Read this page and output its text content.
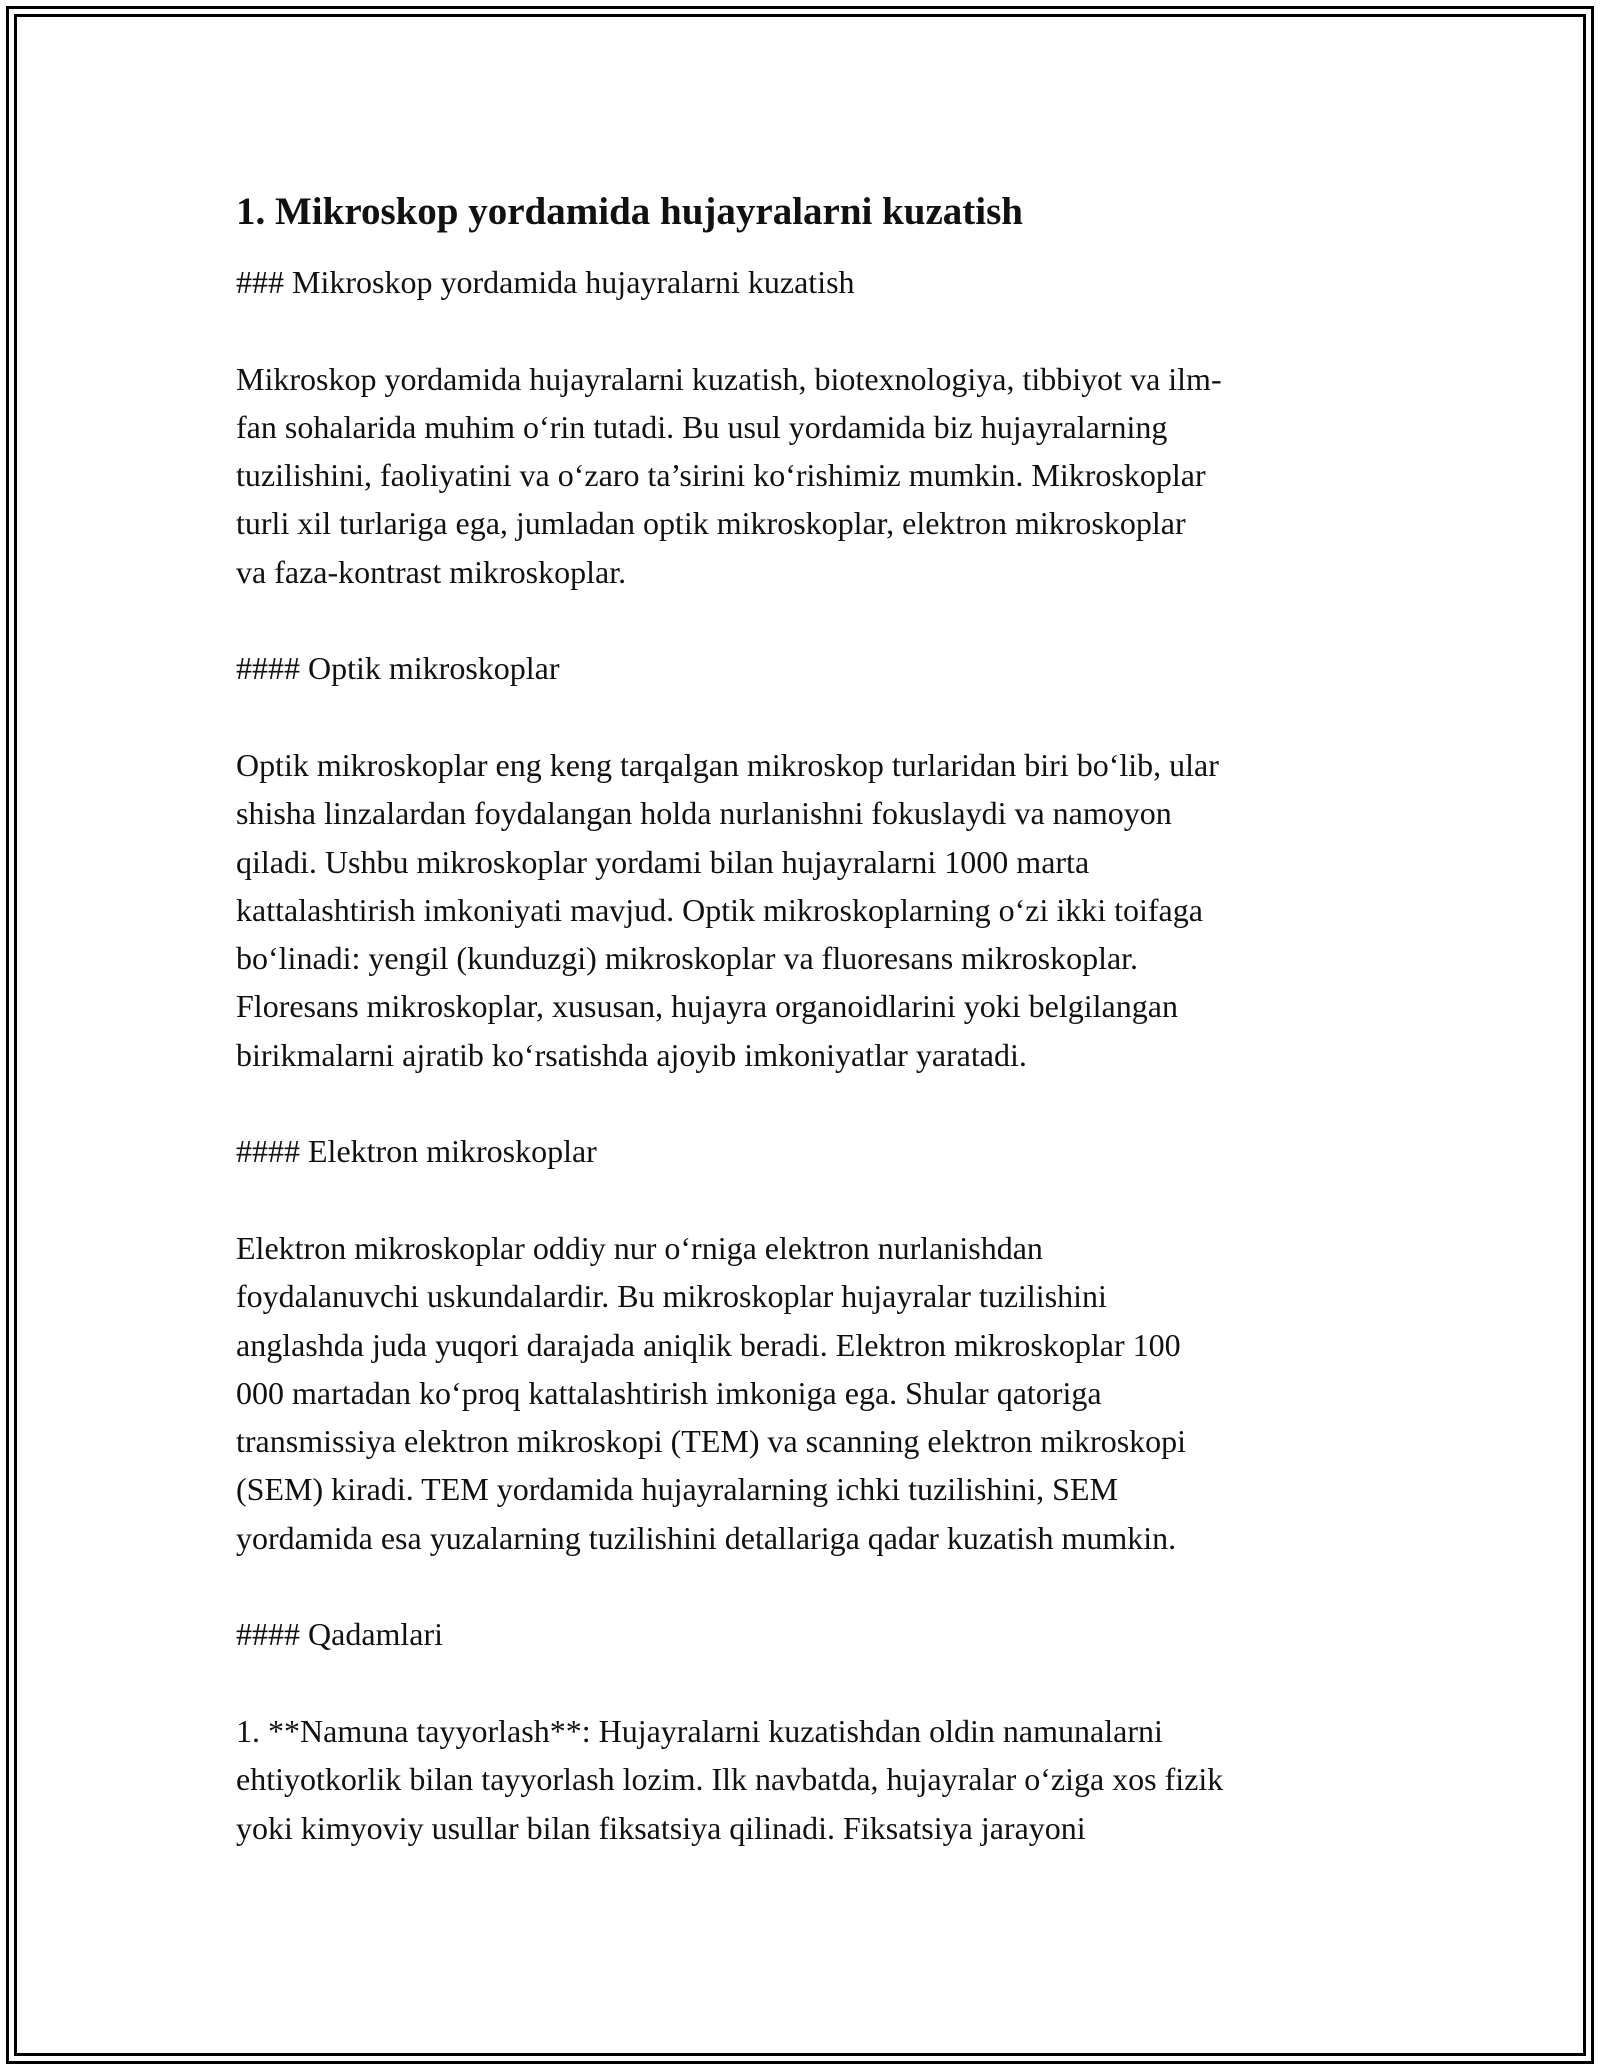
1. Mikroskop yordamida hujayralarni kuzatish
### Mikroskop yordamida hujayralarni kuzatish
Mikroskop yordamida hujayralarni kuzatish, biotexnologiya, tibbiyot va ilm-
fan sohalarida muhim o‘rin tutadi. Bu usul yordamida biz hujayralarning
tuzilishini, faoliyatini va o‘zaro ta’sirini ko‘rishimiz mumkin. Mikroskoplar
turli xil turlariga ega, jumladan optik mikroskoplar, elektron mikroskoplar
va faza-kontrast mikroskoplar.
#### Optik mikroskoplar
Optik mikroskoplar eng keng tarqalgan mikroskop turlaridan biri bo‘lib, ular
shisha linzalardan foydalangan holda nurlanishni fokuslaydi va namoyon
qiladi. Ushbu mikroskoplar yordami bilan hujayralarni 1000 marta
kattalashtirish imkoniyati mavjud. Optik mikroskoplarning o‘zi ikki toifaga
bo‘linadi: yengil (kunduzgi) mikroskoplar va fluoresans mikroskoplar.
Floresans mikroskoplar, xususan, hujayra organoidlarini yoki belgilangan
birikmalarni ajratib ko‘rsatishda ajoyib imkoniyatlar yaratadi.
#### Elektron mikroskoplar
Elektron mikroskoplar oddiy nur o‘rniga elektron nurlanishdan
foydalanuvchi uskundalardir. Bu mikroskoplar hujayralar tuzilishini
anglashda juda yuqori darajada aniqlik beradi. Elektron mikroskoplar 100
000 martadan ko‘proq kattalashtirish imkoniga ega. Shular qatoriga
transmissiya elektron mikroskopi (TEM) va scanning elektron mikroskopi
(SEM) kiradi. TEM yordamida hujayralarning ichki tuzilishini, SEM
yordamida esa yuzalarning tuzilishini detallariga qadar kuzatish mumkin.
#### Qadamlari
1. **Namuna tayyorlash**: Hujayralarni kuzatishdan oldin namunalarni
ehtiyotkorlik bilan tayyorlash lozim. Ilk navbatda, hujayralar o‘ziga xos fizik
yoki kimyoviy usullar bilan fiksatsiya qilinadi. Fiksatsiya jarayoni
